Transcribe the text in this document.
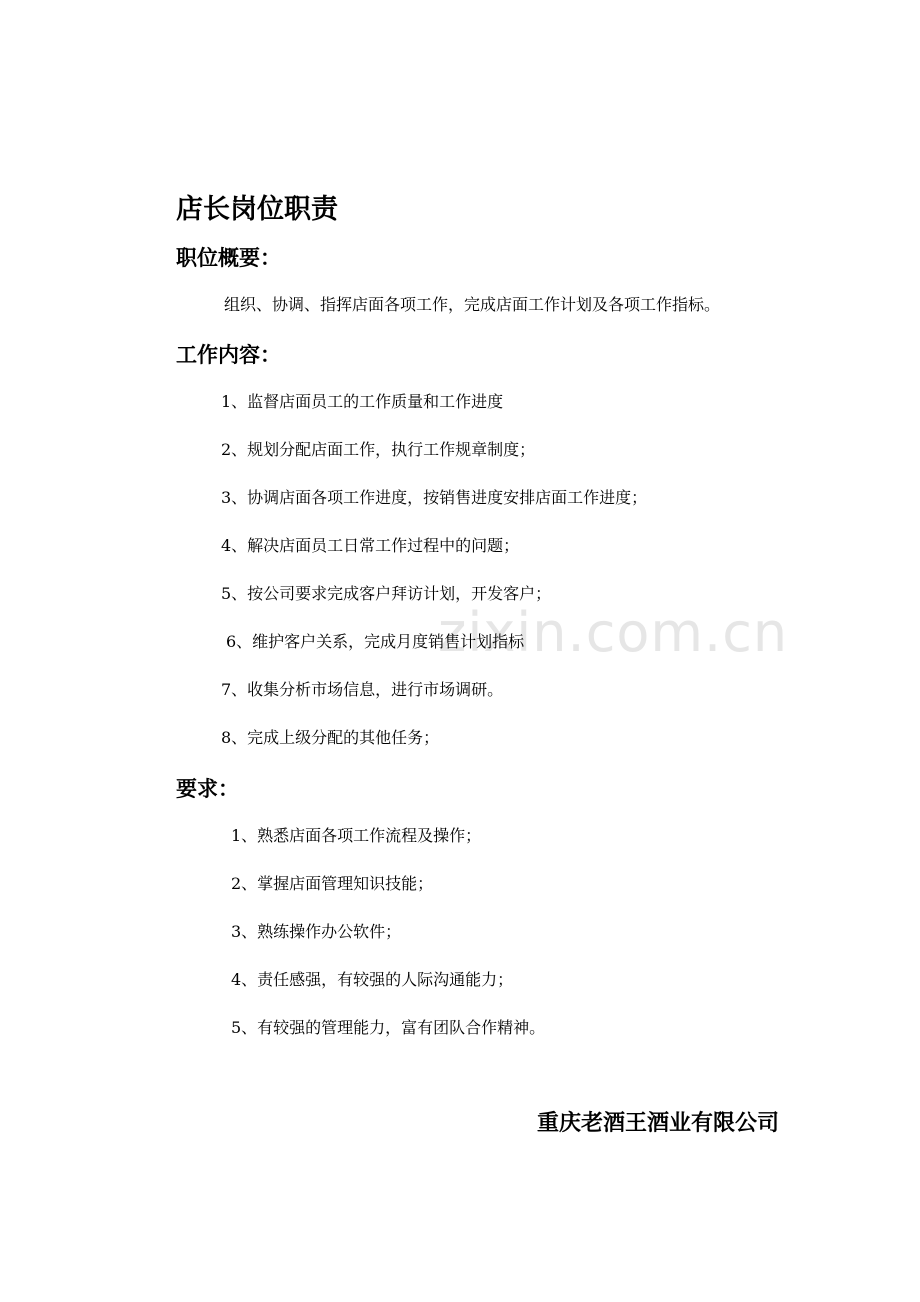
zixin.com.cn
店长岗位职责
职位概要：
组织、协调、指挥店面各项工作，完成店面工作计划及各项工作指标。
工作内容：
1、监督店面员工的工作质量和工作进度
2、规划分配店面工作，执行工作规章制度；
3、协调店面各项工作进度，按销售进度安排店面工作进度；
4、解决店面员工日常工作过程中的问题；
5、按公司要求完成客户拜访计划，开发客户；
6、维护客户关系，完成月度销售计划指标
7、收集分析市场信息，进行市场调研。
8、完成上级分配的其他任务；
要求：
1、熟悉店面各项工作流程及操作；
2、掌握店面管理知识技能；
3、熟练操作办公软件；
4、责任感强，有较强的人际沟通能力；
5、有较强的管理能力，富有团队合作精神。
重庆老酒王酒业有限公司
